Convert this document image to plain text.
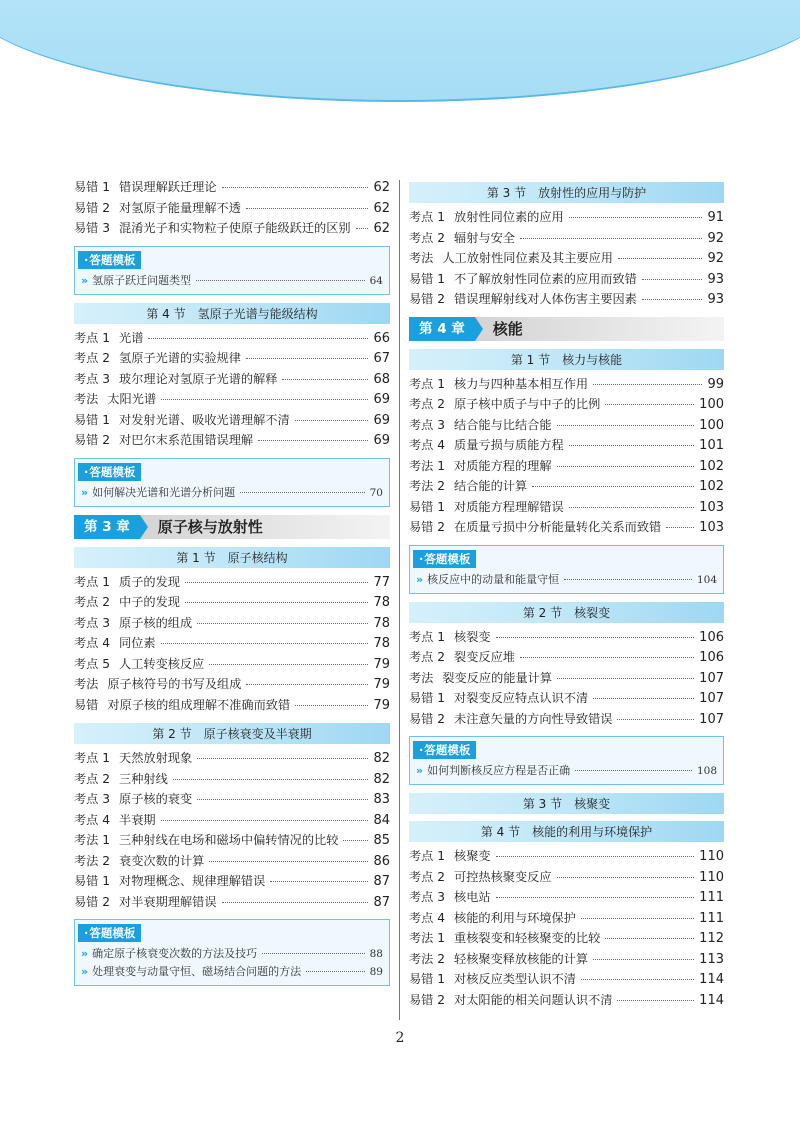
易错 1 错误理解跃迁理论	62
易错 2 对氢原子能量理解不透	62
易错 3 混淆光子和实物粒子使原子能级跃迁的区别 62
· 答题模板
» 氢原子跃迁问题类型	64
第 4 节　氢原子光谱与能级结构
考点 1 光谱	66
考点 2 氢原子光谱的实验规律	67
考点 3 玻尔理论对氢原子光谱的解释	68
考法 太阳光谱	69
易错 1 对发射光谱、吸收光谱理解不清	69
易错 2 对巴尔末系范围错误理解	69
· 答题模板
» 如何解决光谱和光谱分析问题	70
第 3 章	原子核与放射性
第 1 节　原子核结构
考点 1 质子的发现	77
考点 2 中子的发现	78
考点 3 原子核的组成	78
考点 4 同位素	78
考点 5 人工转变核反应	79
考法 原子核符号的书写及组成	79
易错 对原子核的组成理解不准确而致错	79
第 2 节　原子核衰变及半衰期
考点 1 天然放射现象	82
考点 2 三种射线	82
考点 3 原子核的衰变	83
考点 4 半衰期	84
考法 1 三种射线在电场和磁场中偏转情况的比较	85
考法 2 衰变次数的计算	86
易错 1 对物理概念、规律理解错误	87
易错 2 对半衰期理解错误	87
· 答题模板
» 确定原子核衰变次数的方法及技巧	88
» 处理衰变与动量守恒、磁场结合问题的方法	89
第 3 节　放射性的应用与防护
考点 1 放射性同位素的应用	91
考点 2 辐射与安全	92
考法 人工放射性同位素及其主要应用	92
易错 1 不了解放射性同位素的应用而致错	93
易错 2 错误理解射线对人体伤害主要因素	93
第 4 章	核能
第 1 节　核力与核能
考点 1 核力与四种基本相互作用	99
考点 2 原子核中质子与中子的比例	100
考点 3 结合能与比结合能	100
考点 4 质量亏损与质能方程	101
考法 1 对质能方程的理解	102
考法 2 结合能的计算	102
易错 1 对质能方程理解错误	103
易错 2 在质量亏损中分析能量转化关系而致错	103
· 答题模板
» 核反应中的动量和能量守恒	104
第 2 节　核裂变
考点 1 核裂变	106
考点 2 裂变反应堆	106
考法 裂变反应的能量计算	107
易错 1 对裂变反应特点认识不清	107
易错 2 未注意矢量的方向性导致错误	107
· 答题模板
» 如何判断核反应方程是否正确	108
第 3 节　核聚变
第 4 节　核能的利用与环境保护
考点 1 核聚变	110
考点 2 可控热核聚变反应	110
考点 3 核电站	111
考点 4 核能的利用与环境保护	111
考法 1 重核裂变和轻核聚变的比较	112
考法 2 轻核聚变释放核能的计算	113
易错 1 对核反应类型认识不清	114
易错 2 对太阳能的相关问题认识不清	114
2
